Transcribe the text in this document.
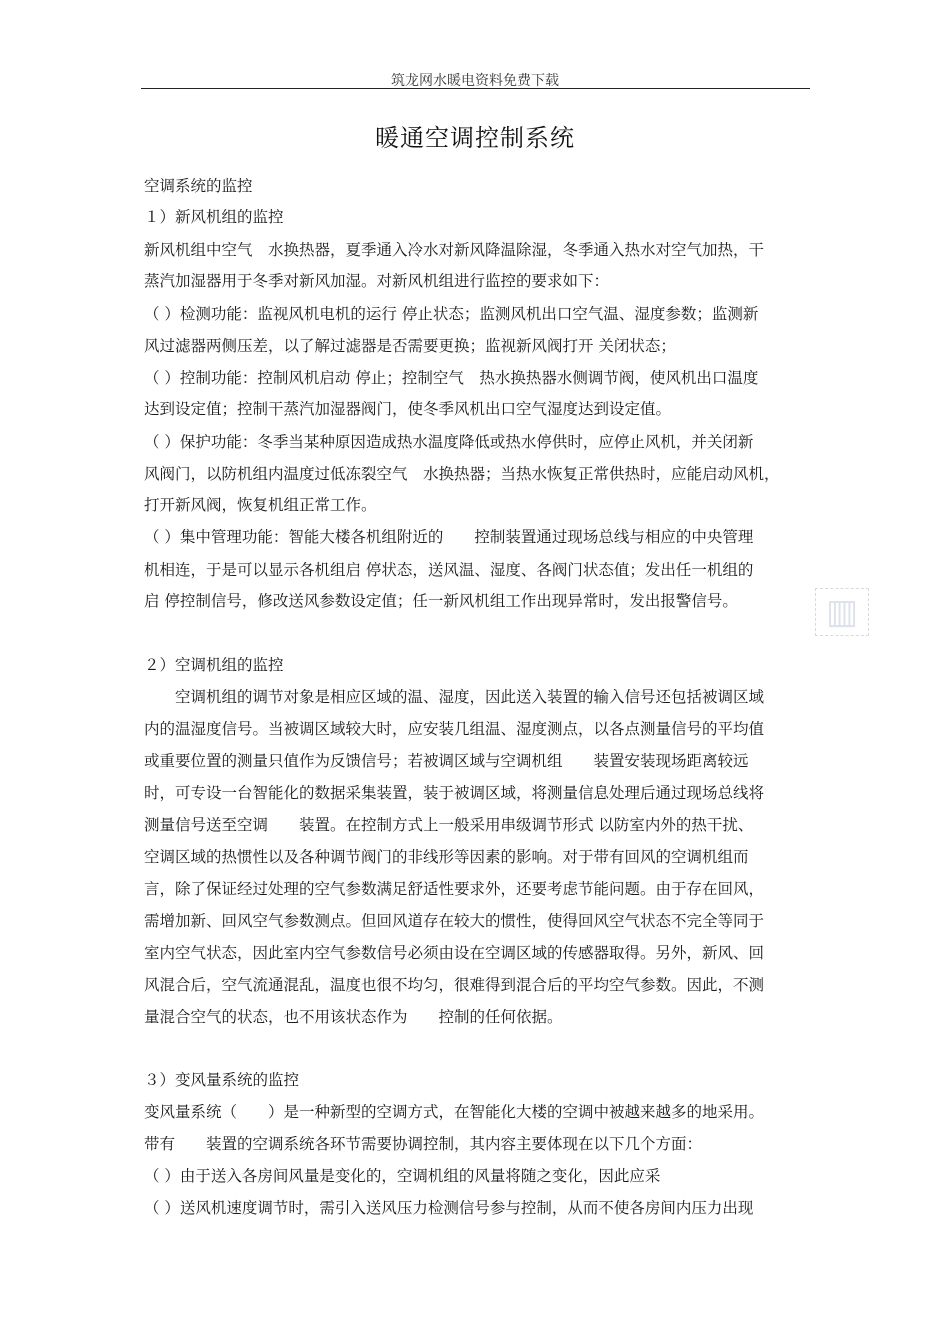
筑龙网水暖电资料免费下载
暖通空调控制系统
空调系统的监控
１）新风机组的监控
新风机组中空气　水换热器，夏季通入冷水对新风降温除湿，冬季通入热水对空气加热，干
蒸汽加湿器用于冬季对新风加湿。对新风机组进行监控的要求如下：
（ ）检测功能：监视风机电机的运行 停止状态；监测风机出口空气温、湿度参数；监测新
风过滤器两侧压差，以了解过滤器是否需要更换；监视新风阀打开 关闭状态；
（ ）控制功能：控制风机启动 停止；控制空气　热水换热器水侧调节阀，使风机出口温度
达到设定值；控制干蒸汽加湿器阀门，使冬季风机出口空气湿度达到设定值。
（ ）保护功能：冬季当某种原因造成热水温度降低或热水停供时，应停止风机，并关闭新
风阀门，以防机组内温度过低冻裂空气　水换热器；当热水恢复正常供热时，应能启动风机，
打开新风阀，恢复机组正常工作。
（ ）集中管理功能：智能大楼各机组附近的　　控制装置通过现场总线与相应的中央管理
机相连，于是可以显示各机组启 停状态，送风温、湿度、各阀门状态值；发出任一机组的
启 停控制信号，修改送风参数设定值；任一新风机组工作出现异常时，发出报警信号。
２）空调机组的监控
空调机组的调节对象是相应区域的温、湿度，因此送入装置的输入信号还包括被调区域
内的温湿度信号。当被调区域较大时，应安装几组温、湿度测点，以各点测量信号的平均值
或重要位置的测量只值作为反馈信号；若被调区域与空调机组　　装置安装现场距离较远
时，可专设一台智能化的数据采集装置，装于被调区域，将测量信息处理后通过现场总线将
测量信号送至空调　　装置。在控制方式上一般采用串级调节形式 以防室内外的热干扰、
空调区域的热惯性以及各种调节阀门的非线形等因素的影响。对于带有回风的空调机组而
言，除了保证经过处理的空气参数满足舒适性要求外，还要考虑节能问题。由于存在回风，
需增加新、回风空气参数测点。但回风道存在较大的惯性，使得回风空气状态不完全等同于
室内空气状态，因此室内空气参数信号必须由设在空调区域的传感器取得。另外，新风、回
风混合后，空气流通混乱，温度也很不均匀，很难得到混合后的平均空气参数。因此，不测
量混合空气的状态，也不用该状态作为　　控制的任何依据。
３）变风量系统的监控
变风量系统（　　）是一种新型的空调方式，在智能化大楼的空调中被越来越多的地采用。
带有　　装置的空调系统各环节需要协调控制，其内容主要体现在以下几个方面：
（ ）由于送入各房间风量是变化的，空调机组的风量将随之变化，因此应采
（ ）送风机速度调节时，需引入送风压力检测信号参与控制，从而不使各房间内压力出现
▥
